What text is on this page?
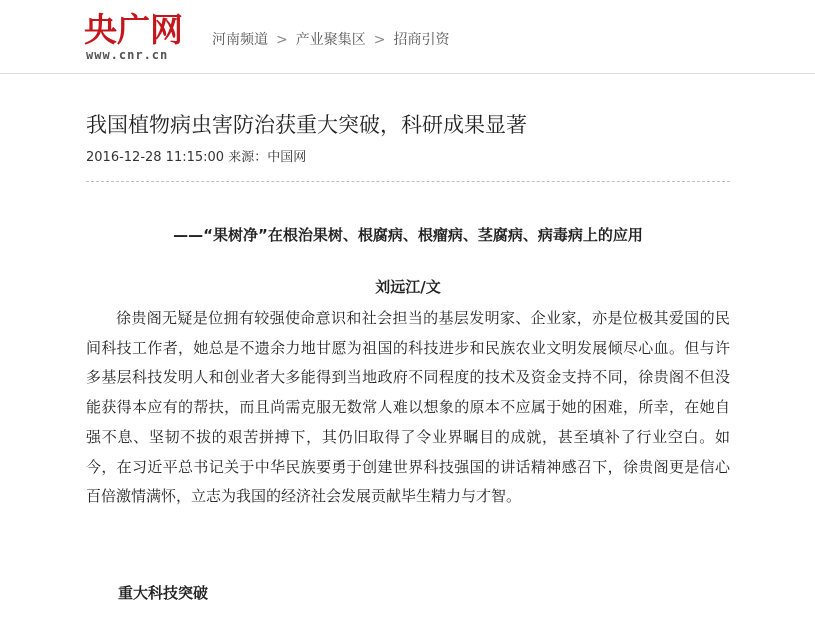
央广网
www.cnr.cn
河南频道 > 产业聚集区 > 招商引资
我国植物病虫害防治获重大突破，科研成果显著
2016-12-28 11:15:00 来源：中国网
——“果树净”在根治果树、根腐病、根瘤病、茎腐病、病毒病上的应用
刘远江/文

徐贵阁无疑是位拥有较强使命意识和社会担当的基层发明家、企业家，亦是位极其爱国的民间科技工作者，她总是不遗余力地甘愿为祖国的科技进步和民族农业文明发展倾尽心血。但与许多基层科技发明人和创业者大多能得到当地政府不同程度的技术及资金支持不同，徐贵阁不但没能获得本应有的帮扶，而且尚需克服无数常人难以想象的原本不应属于她的困难，所幸，在她自强不息、坚韧不拔的艰苦拼搏下，其仍旧取得了令业界瞩目的成就，甚至填补了行业空白。如今，在习近平总书记关于中华民族要勇于创建世界科技强国的讲话精神感召下，徐贵阁更是信心百倍激情满怀，立志为我国的经济社会发展贡献毕生精力与才智。

重大科技突破
